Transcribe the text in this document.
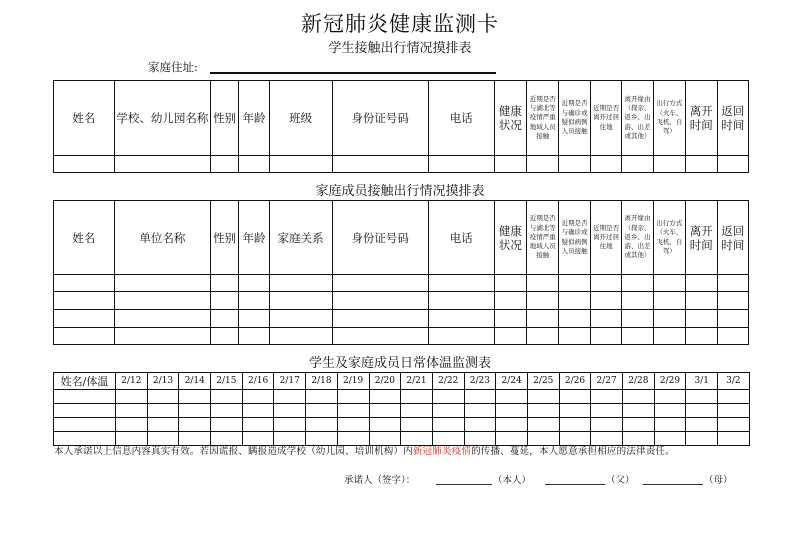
新冠肺炎健康监测卡
学生接触出行情况摸排表
家庭住址:
姓名	学校、幼儿园名称	性别	年龄	班级	身份证号码	电话	健康状况	近期是否与湖北等疫情严重地域人员接触	近期是否与确诊或疑似病例人员接触	近期是否离开过居住地	离开缘由（探亲、返乡、出游、出差或其他）	出行方式（火车、飞机、自驾）	离开时间	返回时间

家庭成员接触出行情况摸排表
姓名	单位名称	性别	年龄	家庭关系	身份证号码	电话	健康状况	近期是否与湖北等疫情严重地域人员接触	近期是否与确诊或疑似病例人员接触	近期是否离开过居住地	离开缘由（探亲、返乡、出游、出差或其他）	出行方式（火车、飞机、自驾）	离开时间	返回时间

学生及家庭成员日常体温监测表
姓名/体温	2/12	2/13	2/14	2/15	2/16	2/17	2/18	2/19	2/20	2/21	2/22	2/23	2/24	2/25	2/26	2/27	2/28	2/29	3/1	3/2

本人承诺以上信息内容真实有效。若因谎报、瞒报造成学校（幼儿园、培训机构）内新冠肺炎疫情的传播、蔓延，本人愿意承担相应的法律责任。
承诺人（签字）：	（本人）	（父）	（母）
